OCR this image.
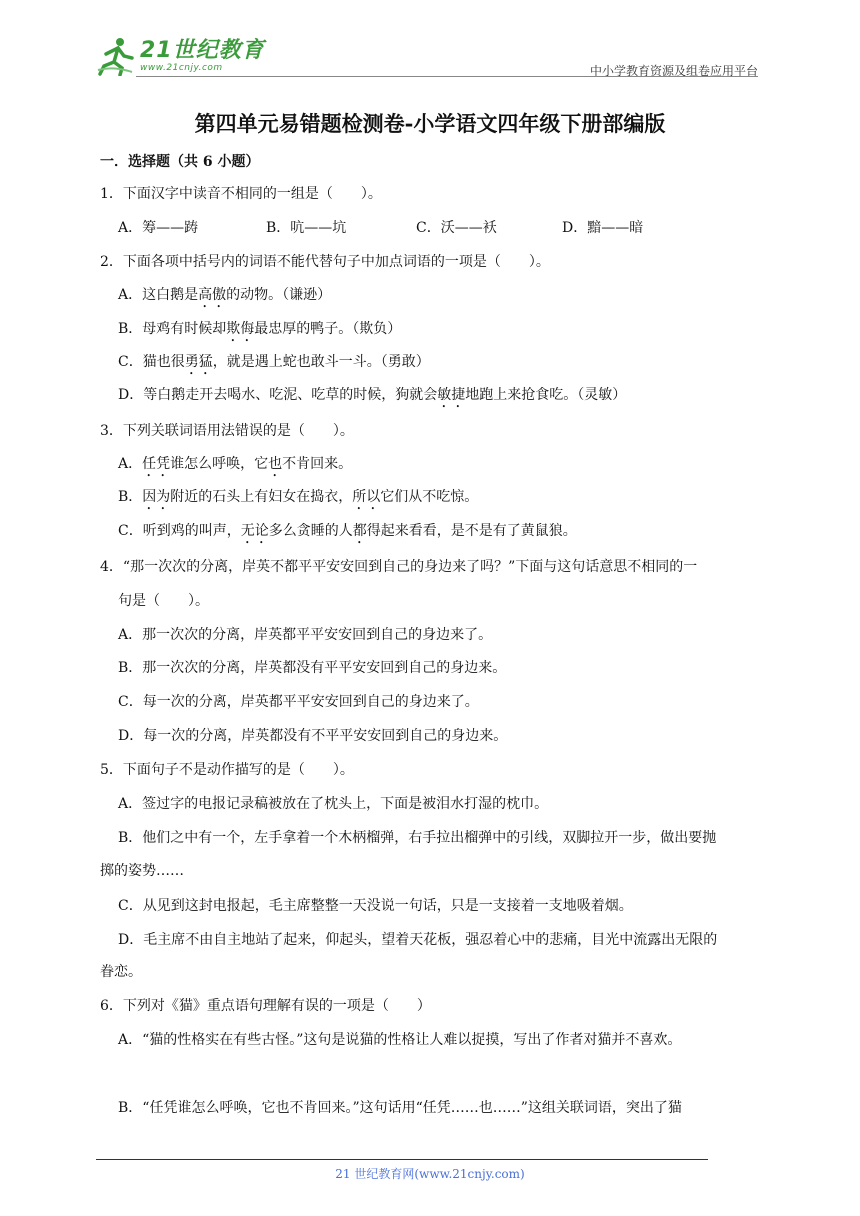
21世纪教育
www.21cnjy.com	中小学教育资源及组卷应用平台
第四单元易错题检测卷-小学语文四年级下册部编版
一．选择题（共 6 小题）
1．下面汉字中读音不相同的一组是（　　）。
A．筹——踌	B．吭——坑	C．沃——袄	D．黯——暗
2．下面各项中括号内的词语不能代替句子中加点词语的一项是（　　）。
A．这白鹅是高傲的动物。（谦逊）
B．母鸡有时候却欺侮最忠厚的鸭子。（欺负）
C．猫也很勇猛，就是遇上蛇也敢斗一斗。（勇敢）
D．等白鹅走开去喝水、吃泥、吃草的时候，狗就会敏捷地跑上来抢食吃。（灵敏）
3．下列关联词语用法错误的是（　　）。
A．任凭谁怎么呼唤，它也不肯回来。
B．因为附近的石头上有妇女在捣衣，所以它们从不吃惊。
C．听到鸡的叫声，无论多么贪睡的人都得起来看看，是不是有了黄鼠狼。
4．“那一次次的分离，岸英不都平平安安回到自己的身边来了吗？”下面与这句话意思不相同的一
句是（　　）。
A．那一次次的分离，岸英都平平安安回到自己的身边来了。
B．那一次次的分离，岸英都没有平平安安回到自己的身边来。
C．每一次的分离，岸英都平平安安回到自己的身边来了。
D．每一次的分离，岸英都没有不平平安安回到自己的身边来。
5．下面句子不是动作描写的是（　　）。
A．签过字的电报记录稿被放在了枕头上，下面是被泪水打湿的枕巾。
B．他们之中有一个，左手拿着一个木柄榴弹，右手拉出榴弹中的引线，双脚拉开一步，做出要抛
掷的姿势……
C．从见到这封电报起，毛主席整整一天没说一句话，只是一支接着一支地吸着烟。
D．毛主席不由自主地站了起来，仰起头，望着天花板，强忍着心中的悲痛，目光中流露出无限的
眷恋。
6．下列对《猫》重点语句理解有误的一项是（　　）
A．“猫的性格实在有些古怪。”这句是说猫的性格让人难以捉摸，写出了作者对猫并不喜欢。
B．“任凭谁怎么呼唤，它也不肯回来。”这句话用“任凭……也……”这组关联词语，突出了猫
21 世纪教育网(www.21cnjy.com)
